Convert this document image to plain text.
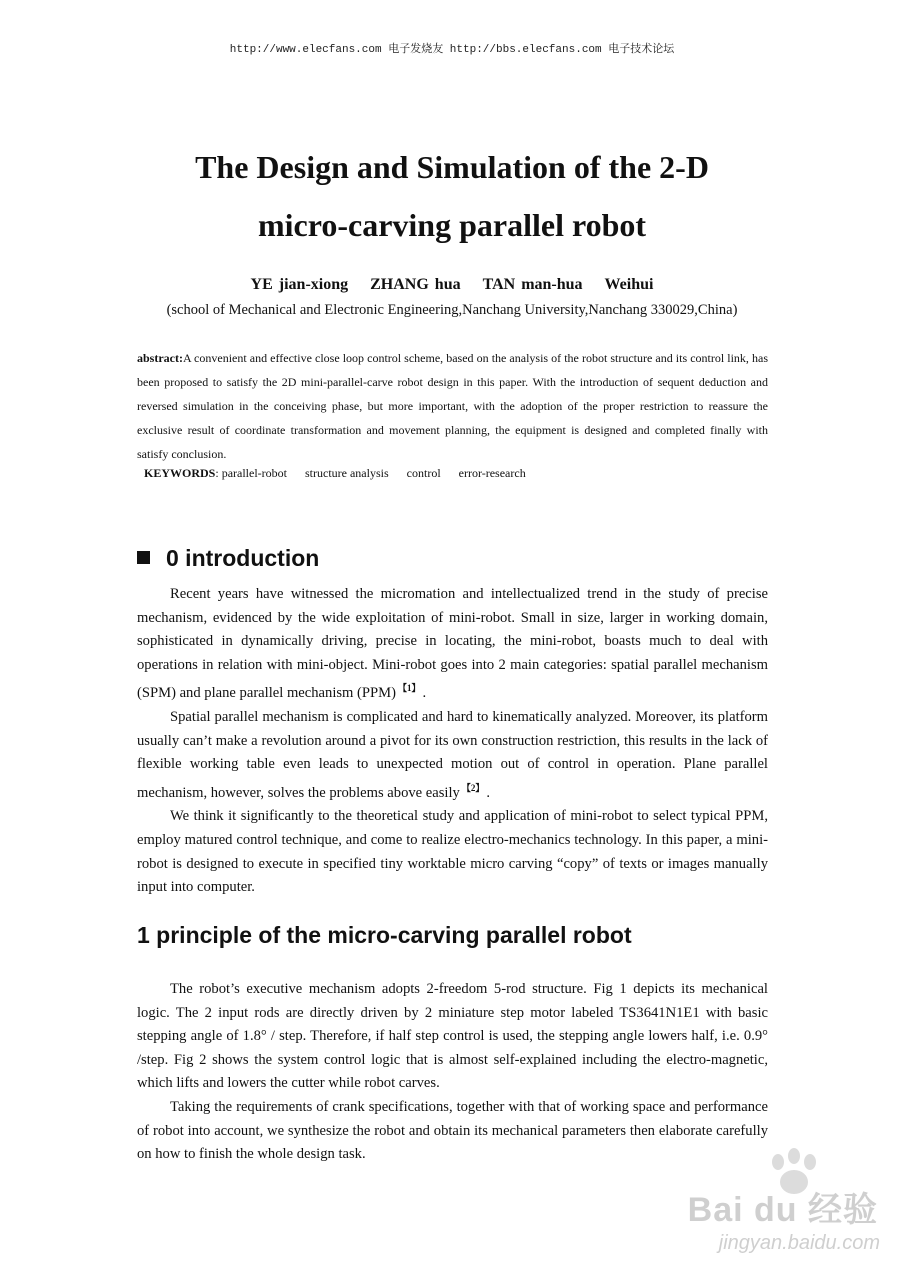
http://www.elecfans.com 电子发烧友 http://bbs.elecfans.com 电子技术论坛
The Design and Simulation of the 2-D
micro-carving parallel robot
YE jian-xiong ZHANG hua TAN man-hua Weihui
(school of Mechanical and Electronic Engineering,Nanchang University,Nanchang 330029,China)
abstract:A convenient and effective close loop control scheme, based on the analysis of the robot structure and its control link, has been proposed to satisfy the 2D mini-parallel-carve robot design in this paper. With the introduction of sequent deduction and reversed simulation in the conceiving phase, but more important, with the adoption of the proper restriction to reassure the exclusive result of coordinate transformation and movement planning, the equipment is designed and completed finally with satisfy conclusion.
KEYWORDS: parallel-robot structure analysis control error-research
0 introduction

Recent years have witnessed the micromation and intellectualized trend in the study of precise mechanism, evidenced by the wide exploitation of mini-robot. Small in size, larger in working domain, sophisticated in dynamically driving, precise in locating, the mini-robot, boasts much to deal with operations in relation with mini-object. Mini-robot goes into 2 main categories: spatial parallel mechanism (SPM) and plane parallel mechanism (PPM) $^{【1】}$ .

Spatial parallel mechanism is complicated and hard to kinematically analyzed. Moreover, its platform usually can’t make a revolution around a pivot for its own construction restriction, this results in the lack of flexible working table even leads to unexpected motion out of control in operation. Plane parallel mechanism, however, solves the problems above easily $^{【2】}$ .

We think it significantly to the theoretical study and application of mini-robot to select typical PPM, employ matured control technique, and come to realize electro-mechanics technology. In this paper, a mini-robot is designed to execute in specified tiny worktable micro carving “copy” of texts or images manually input into computer.

1 principle of the micro-carving parallel robot

The robot’s executive mechanism adopts 2-freedom 5-rod structure. Fig 1 depicts its mechanical logic. The 2 input rods are directly driven by 2 miniature step motor labeled TS3641N1E1 with basic stepping angle of 1.8° / step. Therefore, if half step control is used, the stepping angle lowers half, i.e. 0.9° /step. Fig 2 shows the system control logic that is almost self-explained including the electro-magnetic, which lifts and lowers the cutter while robot carves.

Taking the requirements of crank specifications, together with that of working space and performance of robot into account, we synthesize the robot and obtain its mechanical parameters then elaborate carefully on how to finish the whole design task.

Bai du 经验
jingyan.baidu.com
